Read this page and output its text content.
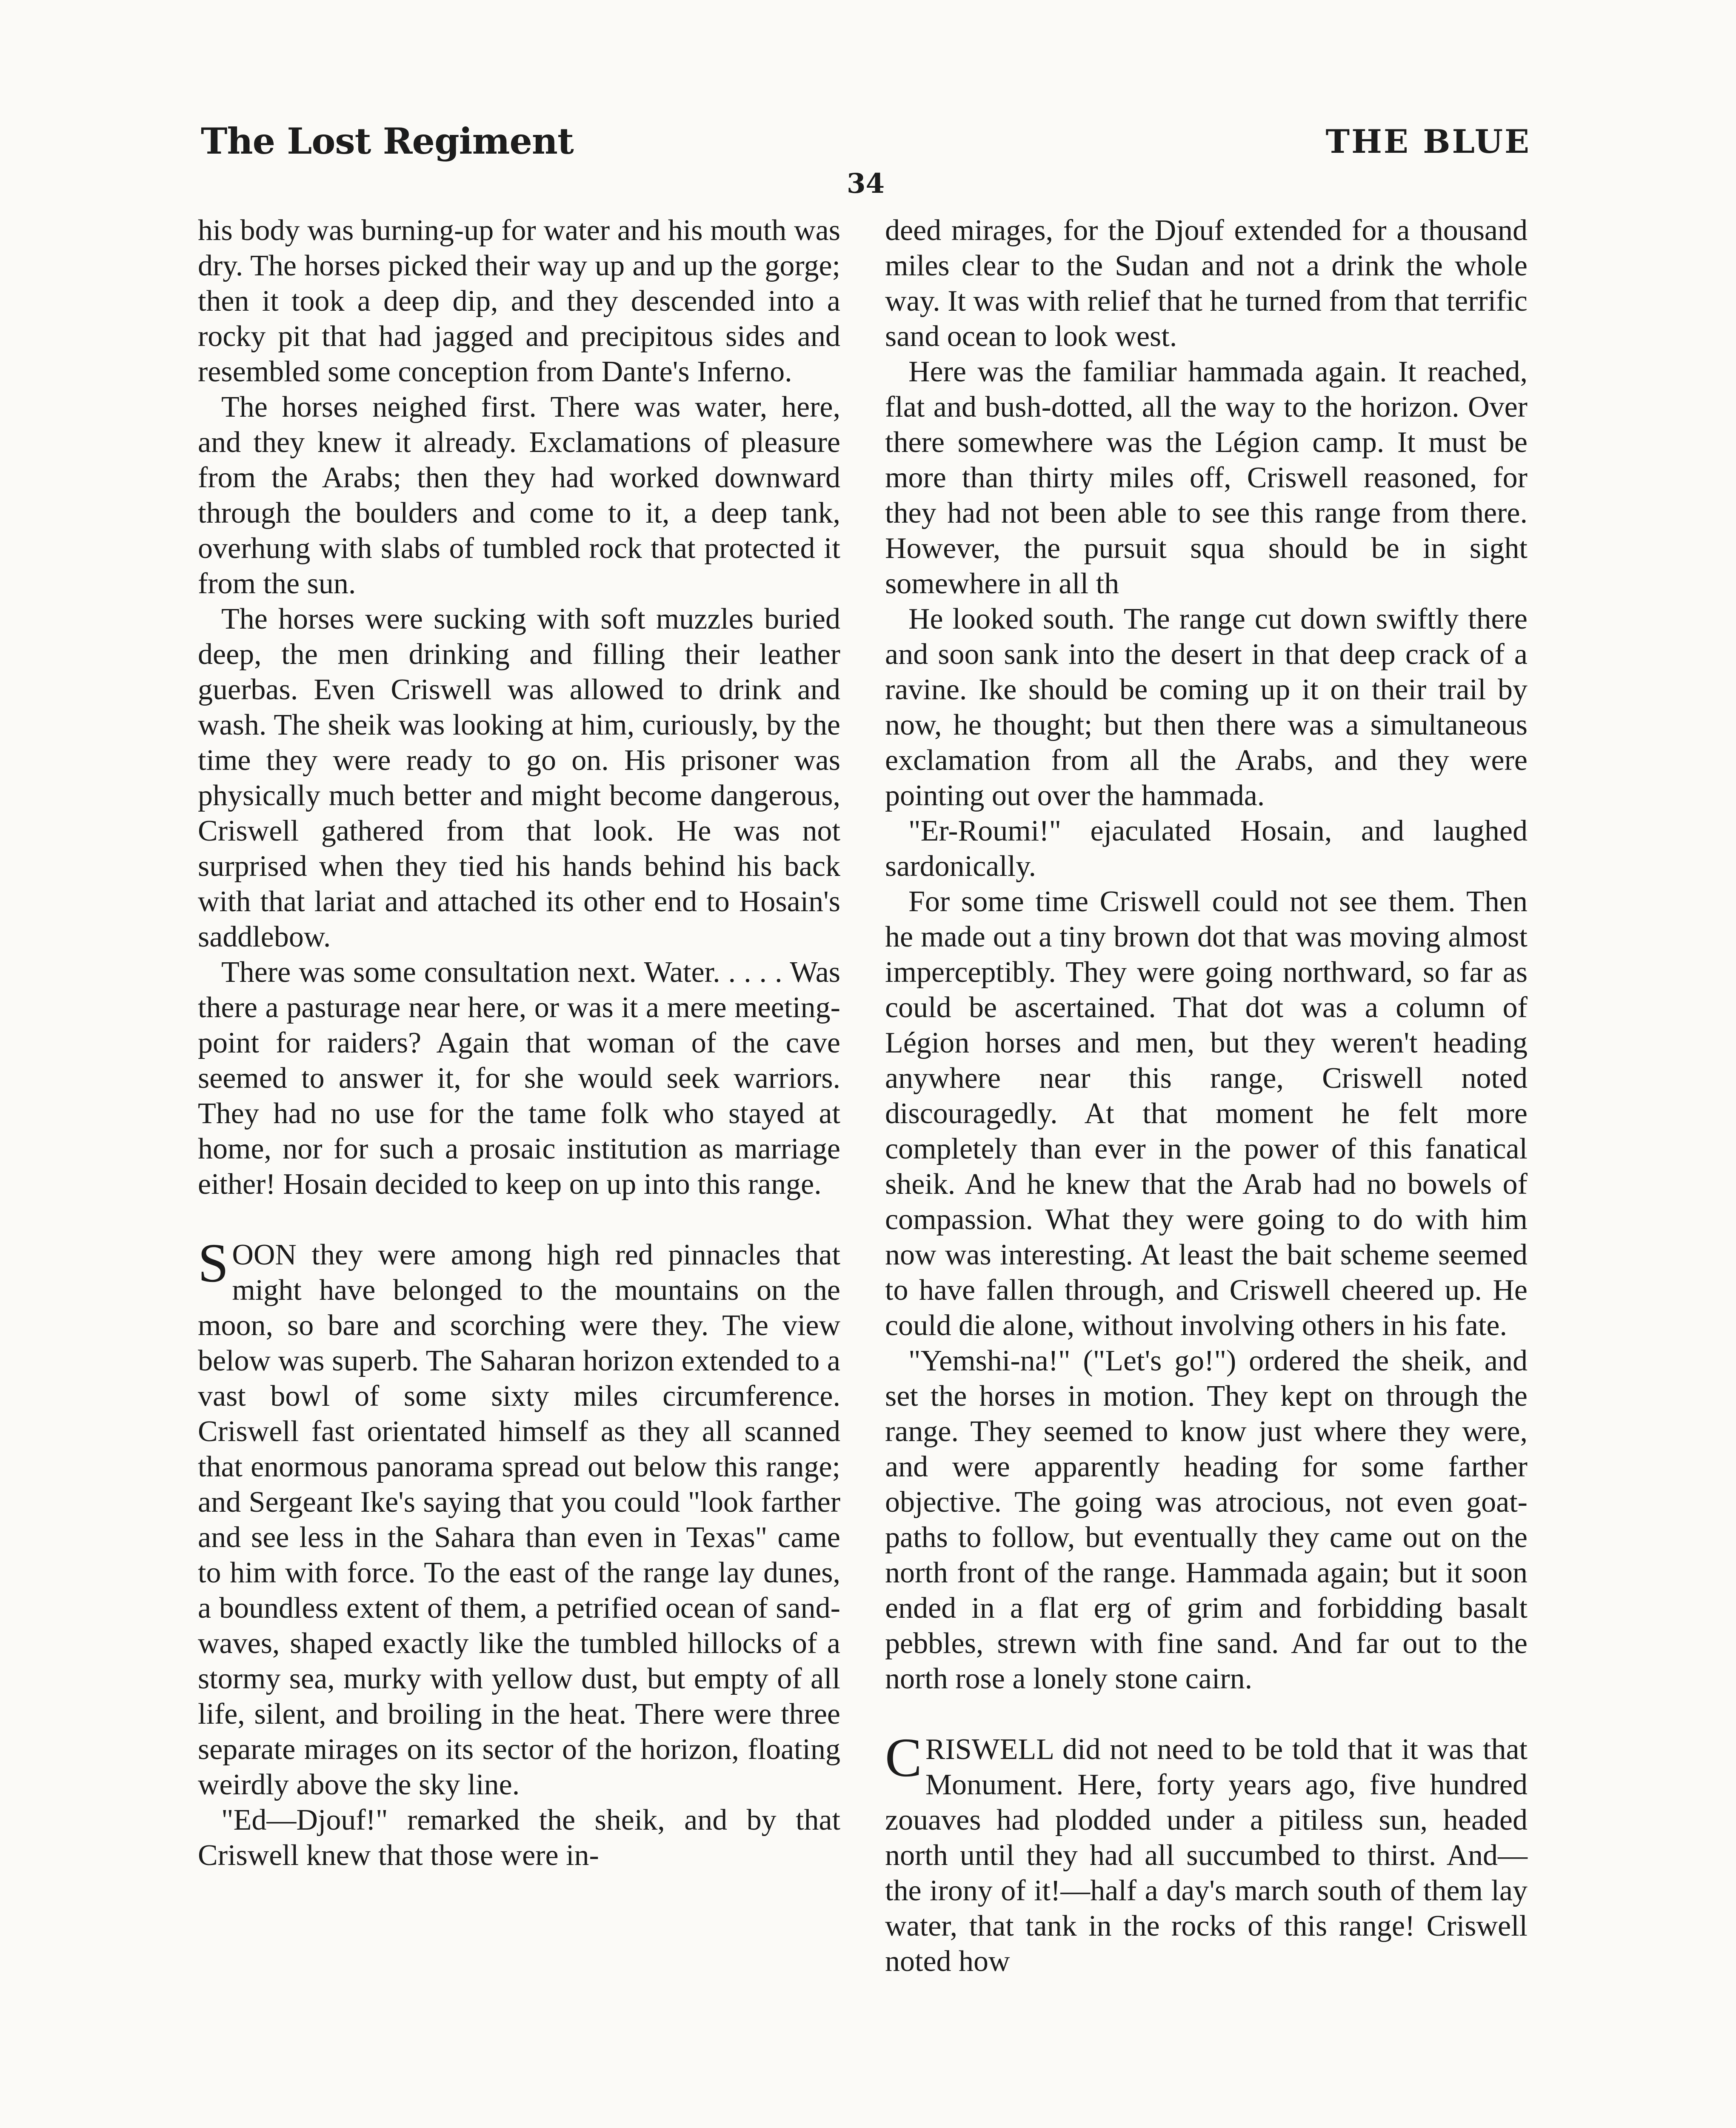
The Lost Regiment	THE BLUE
34

his body was burning-up for water and his mouth was dry. The horses picked their way up and up the gorge; then it took a deep dip, and they descended into a rocky pit that had jagged and precipitous sides and resembled some conception from Dante's Inferno.

The horses neighed first. There was water, here, and they knew it already. Exclamations of pleasure from the Arabs; then they had worked downward through the boulders and come to it, a deep tank, overhung with slabs of tumbled rock that protected it from the sun.

The horses were sucking with soft muzzles buried deep, the men drinking and filling their leather guerbas. Even Criswell was allowed to drink and wash. The sheik was looking at him, curiously, by the time they were ready to go on. His prisoner was physically much better and might become dangerous, Criswell gathered from that look. He was not surprised when they tied his hands behind his back with that lariat and attached its other end to Hosain's saddlebow.

There was some consultation next. Water. . . . . Was there a pasturage near here, or was it a mere meeting-point for raiders? Again that woman of the cave seemed to answer it, for she would seek warriors. They had no use for the tame folk who stayed at home, nor for such a prosaic institution as marriage either! Hosain decided to keep on up into this range.

SOON they were among high red pinnacles that might have belonged to the mountains on the moon, so bare and scorching were they. The view below was superb. The Saharan horizon extended to a vast bowl of some sixty miles circumference. Criswell fast orientated himself as they all scanned that enormous panorama spread out below this range; and Sergeant Ike's saying that you could "look farther and see less in the Sahara than even in Texas" came to him with force. To the east of the range lay dunes, a boundless extent of them, a petrified ocean of sand-waves, shaped exactly like the tumbled hillocks of a stormy sea, murky with yellow dust, but empty of all life, silent, and broiling in the heat. There were three separate mirages on its sector of the horizon, floating weirdly above the sky line.

"Ed—Djouf!" remarked the sheik, and by that Criswell knew that those were in-

deed mirages, for the Djouf extended for a thousand miles clear to the Sudan and not a drink the whole way. It was with relief that he turned from that terrific sand ocean to look west.

Here was the familiar hammada again. It reached, flat and bush-dotted, all the way to the horizon. Over there somewhere was the Légion camp. It must be more than thirty miles off, Criswell reasoned, for they had not been able to see this range from there. However, the pursuit squa should be in sight somewhere in all th

He looked south. The range cut down swiftly there and soon sank into the desert in that deep crack of a ravine. Ike should be coming up it on their trail by now, he thought; but then there was a simultaneous exclamation from all the Arabs, and they were pointing out over the hammada.

"Er-Roumi!" ejaculated Hosain, and laughed sardonically.

For some time Criswell could not see them. Then he made out a tiny brown dot that was moving almost imperceptibly. They were going northward, so far as could be ascertained. That dot was a column of Légion horses and men, but they weren't heading anywhere near this range, Criswell noted discouragedly. At that moment he felt more completely than ever in the power of this fanatical sheik. And he knew that the Arab had no bowels of compassion. What they were going to do with him now was interesting. At least the bait scheme seemed to have fallen through, and Criswell cheered up. He could die alone, without involving others in his fate.

"Yemshi-na!" ("Let's go!") ordered the sheik, and set the horses in motion. They kept on through the range. They seemed to know just where they were, and were apparently heading for some farther objective. The going was atrocious, not even goat-paths to follow, but eventually they came out on the north front of the range. Hammada again; but it soon ended in a flat erg of grim and forbidding basalt pebbles, strewn with fine sand. And far out to the north rose a lonely stone cairn.

CRISWELL did not need to be told that it was that Monument. Here, forty years ago, five hundred zouaves had plodded under a pitiless sun, headed north until they had all succumbed to thirst. And—the irony of it!—half a day's march south of them lay water, that tank in the rocks of this range! Criswell noted how
